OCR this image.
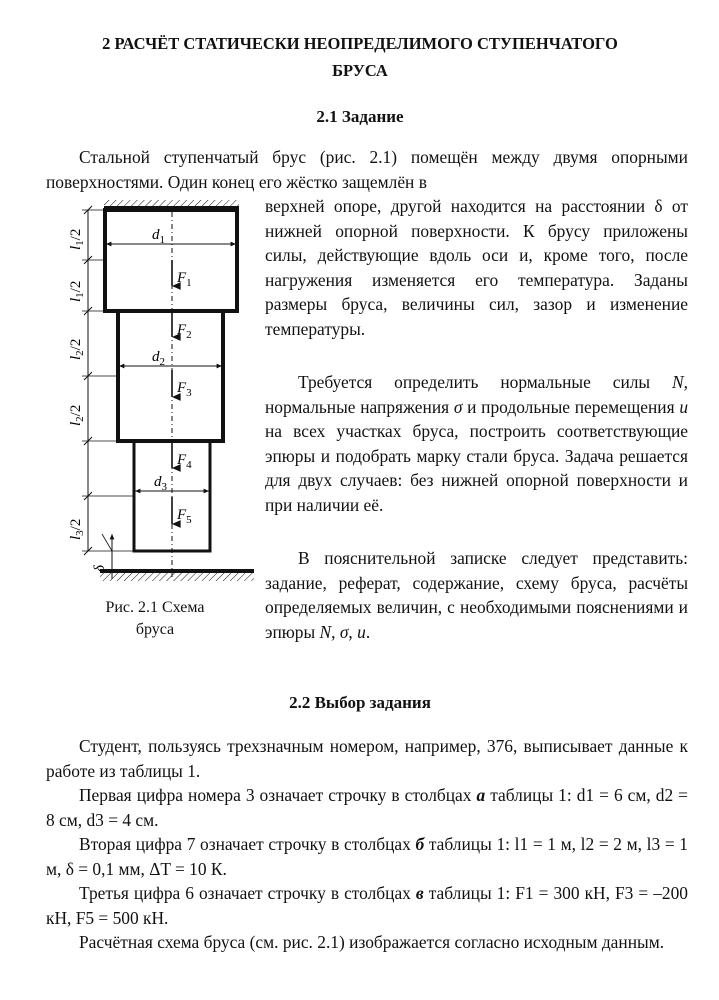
2 РАСЧЁТ СТАТИЧЕСКИ НЕОПРЕДЕЛИМОГО СТУПЕНЧАТОГО
БРУСА
2.1 Задание
Стальной ступенчатый брус (рис. 2.1) помещён между двумя опорными поверхностями. Один конец его жёстко защемлён в
верхней опоре, другой находится на расстоянии δ от нижней опорной поверхности. К брусу приложены силы, действующие вдоль оси и, кроме того, после нагружения изменяется его температура. Заданы размеры бруса, величины сил, зазор и изменение температуры.
Требуется определить нормальные силы N, нормальные напряжения σ и продольные перемещения u на всех участках бруса, построить соответствующие эпюры и подобрать марку стали бруса. Задача решается для двух случаев: без нижней опорной поверхности и при наличии её.
В пояснительной записке следует представить: задание, реферат, содержание, схему бруса, расчёты определяемых величин, с необходимыми пояснениями и эпюры N, σ, u.
$d_1$
$d_2$
$d_3$
$F_1$
$F_2$
$F_3$
$F_4$
$F_5$
$l_1/2$
$l_1/2$
$l_2/2$
$l_2/2$
$l_3/2$
δ
Рис. 2.1 Схема
бруса
2.2 Выбор задания
Студент, пользуясь трехзначным номером, например, 376, выписывает данные к работе из таблицы 1.
Первая цифра номера 3 означает строчку в столбцах а таблицы 1: d1 = 6 см, d2 = 8 см, d3 = 4 см.
Вторая цифра 7 означает строчку в столбцах б таблицы 1: l1 = 1 м, l2 = 2 м, l3 = 1 м, δ = 0,1 мм, ΔT = 10 К.
Третья цифра 6 означает строчку в столбцах в таблицы 1: F1 = 300 кН, F3 = –200 кН, F5 = 500 кН.
Расчётная схема бруса (см. рис. 2.1) изображается согласно исходным данным.
